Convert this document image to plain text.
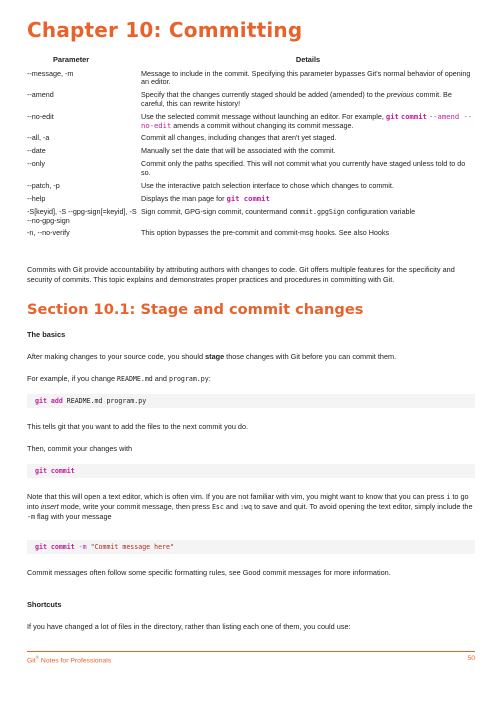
Chapter 10: Committing
Parameter	Details
--message, -m	Message to include in the commit. Specifying this parameter bypasses Git's normal behavior of opening an editor.
--amend	Specify that the changes currently staged should be added (amended) to the previous commit. Be careful, this can rewrite history!
--no-edit	Use the selected commit message without launching an editor. For example, git commit --amend --no-edit amends a commit without changing its commit message.
--all, -a	Commit all changes, including changes that aren't yet staged.
--date	Manually set the date that will be associated with the commit.
--only	Commit only the paths specified. This will not commit what you currently have staged unless told to do so.
--patch, -p	Use the interactive patch selection interface to chose which changes to commit.
--help	Displays the man page for git commit
-S[keyid], -S --gpg-sign[=keyid], -S --no-gpg-sign	Sign commit, GPG-sign commit, countermand commit.gpgSign configuration variable
-n, --no-verify	This option bypasses the pre-commit and commit-msg hooks. See also Hooks
Commits with Git provide accountability by attributing authors with changes to code. Git offers multiple features for the specificity and security of commits. This topic explains and demonstrates proper practices and procedures in committing with Git.
Section 10.1: Stage and commit changes
The basics
After making changes to your source code, you should stage those changes with Git before you can commit them.
For example, if you change README.md and program.py:
git add README.md program.py
This tells git that you want to add the files to the next commit you do.
Then, commit your changes with
git commit
Note that this will open a text editor, which is often vim. If you are not familiar with vim, you might want to know that you can press i to go into insert mode, write your commit message, then press Esc and :wq to save and quit. To avoid opening the text editor, simply include the -m flag with your message
git commit -m "Commit message here"
Commit messages often follow some specific formatting rules, see Good commit messages for more information.
Shortcuts
If you have changed a lot of files in the directory, rather than listing each one of them, you could use:
Git® Notes for Professionals	50
